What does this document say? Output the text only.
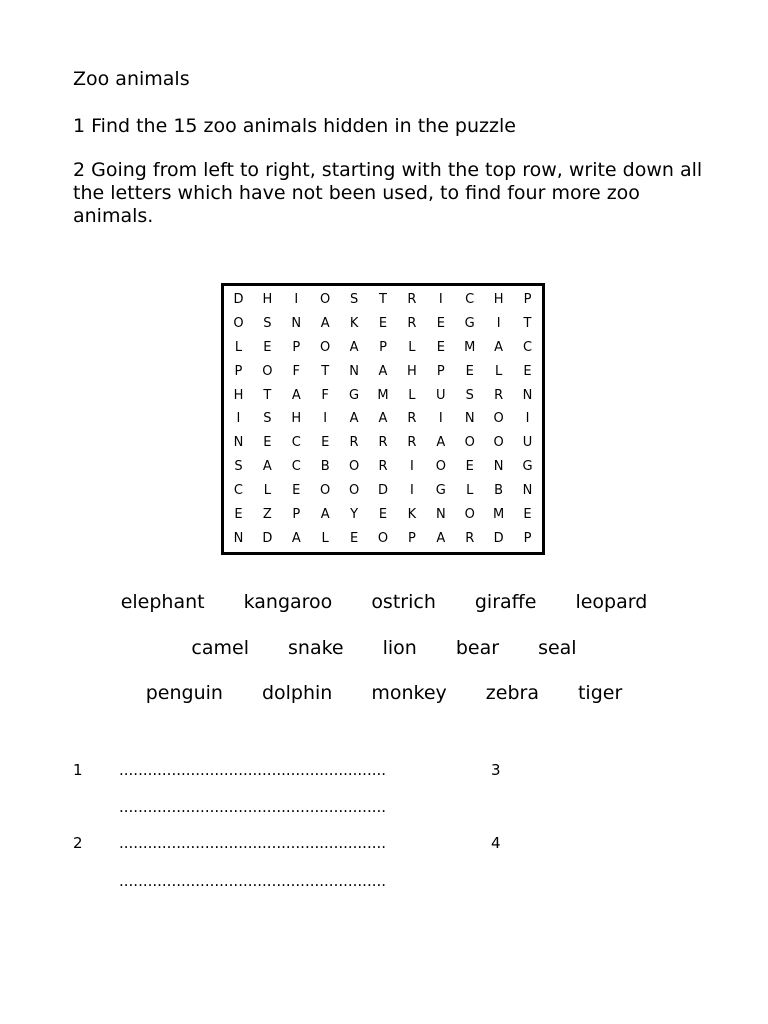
Zoo animals

1 Find the 15 zoo animals hidden in the puzzle

2 Going from left to right, starting with the top row, write down all the letters which have not been used, to find four more zoo animals.

D	H	I	O	S	T	R	I	C	H	P
O	S	N	A	K	E	R	E	G	I	T
L	E	P	O	A	P	L	E	M	A	C
P	O	F	T	N	A	H	P	E	L	E
H	T	A	F	G	M	L	U	S	R	N
I	S	H	I	A	A	R	I	N	O	I
N	E	C	E	R	R	R	A	O	O	U
S	A	C	B	O	R	I	O	E	N	G
C	L	E	O	O	D	I	G	L	B	N
E	Z	P	A	Y	E	K	N	O	M	E
N	D	A	L	E	O	P	A	R	D	P
elephant kangaroo ostrich giraffe leopard
camel snake lion bear seal
penguin dolphin monkey zebra tiger
1 ........................................................
........................................................
3
2 ........................................................
........................................................
4
